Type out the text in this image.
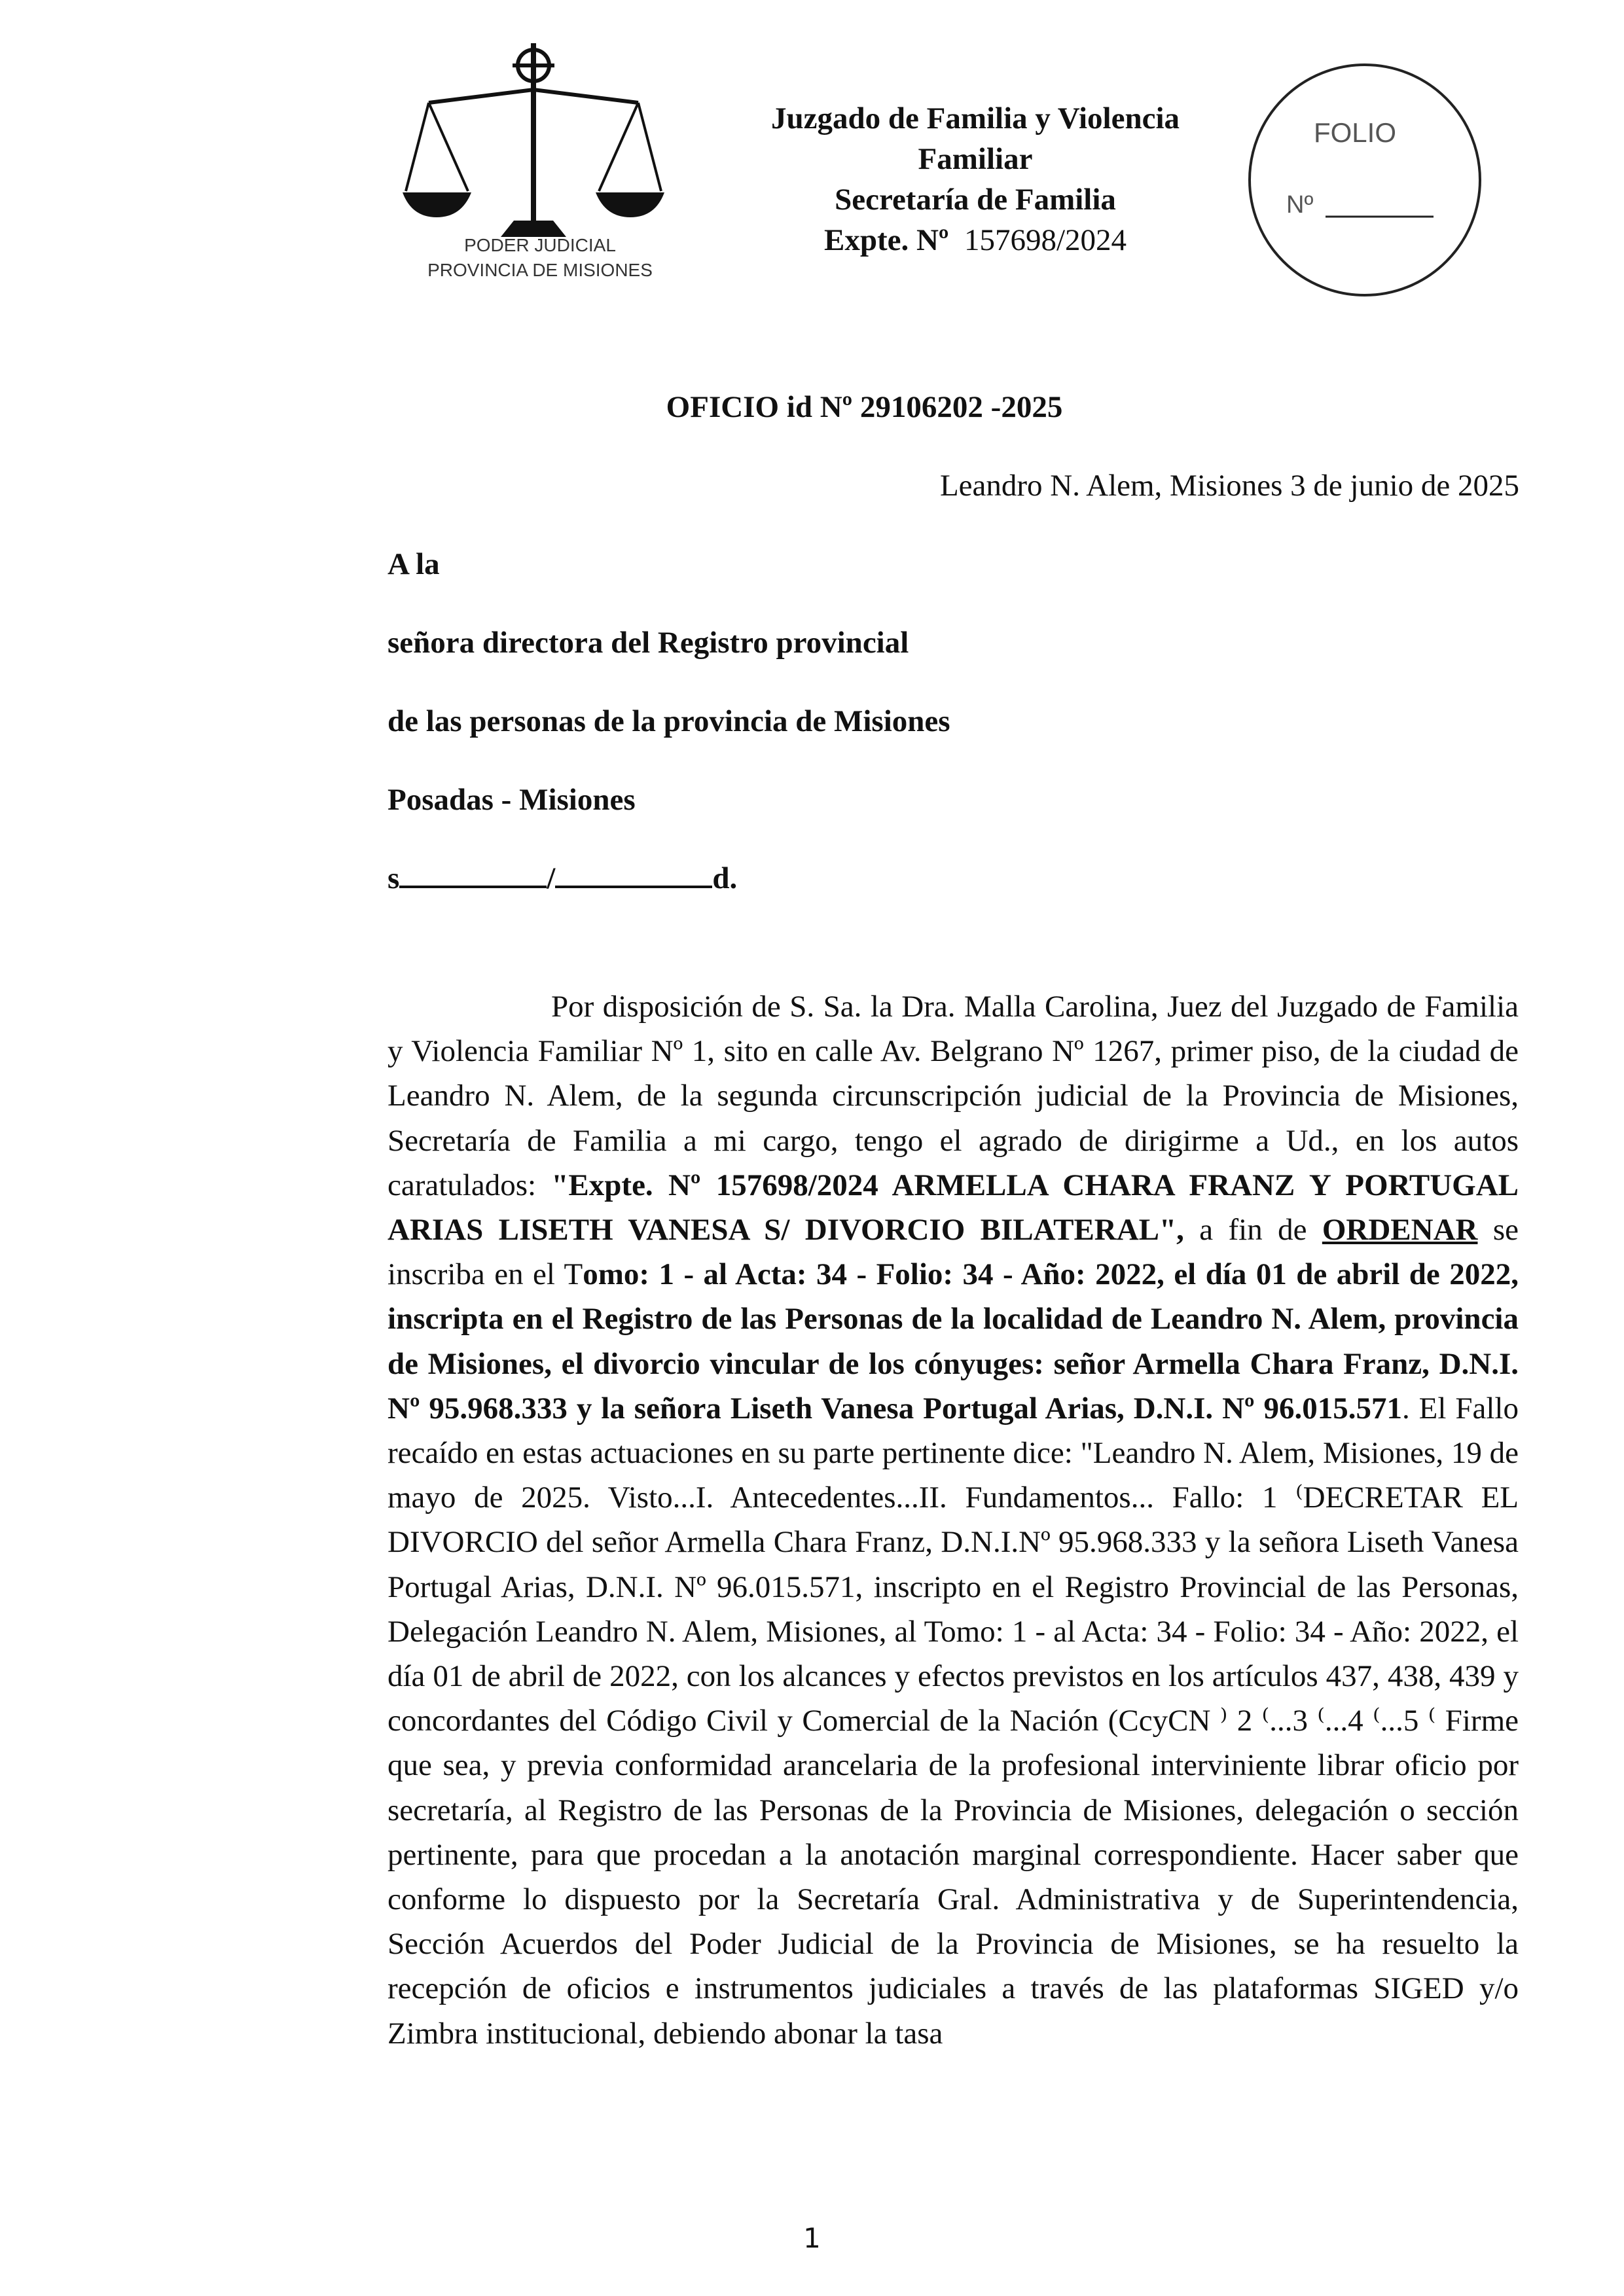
PODER JUDICIAL
PROVINCIA DE MISIONES
Juzgado de Familia y Violencia
Familiar
Secretaría de Familia
Expte. Nº 157698/2024
FOLIO
Nº
OFICIO id Nº 29106202 -2025
Leandro N. Alem, Misiones 3 de junio de 2025
A la
señora directora del Registro provincial
de las personas de la provincia de Misiones
Posadas - Misiones
s	/	d.
Por disposición de S. Sa. la Dra. Malla Carolina, Juez del Juzgado de Familia y Violencia Familiar Nº 1, sito en calle Av. Belgrano Nº 1267, primer piso, de la ciudad de Leandro N. Alem, de la segunda circunscripción judicial de la Provincia de Misiones, Secretaría de Familia a mi cargo, tengo el agrado de dirigirme a Ud., en los autos caratulados: "Expte. Nº 157698/2024 ARMELLA CHARA FRANZ Y PORTUGAL ARIAS LISETH VANESA S/ DIVORCIO BILATERAL", a fin de ORDENAR se inscriba en el Tomo: 1 - al Acta: 34 - Folio: 34 - Año: 2022, el día 01 de abril de 2022, inscripta en el Registro de las Personas de la localidad de Leandro N. Alem, provincia de Misiones, el divorcio vincular de los cónyuges: señor Armella Chara Franz, D.N.I. Nº 95.968.333 y la señora Liseth Vanesa Portugal Arias, D.N.I. Nº 96.015.571. El Fallo recaído en estas actuaciones en su parte pertinente dice: "Leandro N. Alem, Misiones, 19 de mayo de 2025. Visto...I. Antecedentes...II. Fundamentos... Fallo: 1 ⁽DECRETAR EL DIVORCIO del señor Armella Chara Franz, D.N.I.Nº 95.968.333 y la señora Liseth Vanesa Portugal Arias, D.N.I. Nº 96.015.571, inscripto en el Registro Provincial de las Personas, Delegación Leandro N. Alem, Misiones, al Tomo: 1 - al Acta: 34 - Folio: 34 - Año: 2022, el día 01 de abril de 2022, con los alcances y efectos previstos en los artículos 437, 438, 439 y concordantes del Código Civil y Comercial de la Nación (CcyCN ⁾ 2 ⁽...3 ⁽...4 ⁽...5 ⁽ Firme que sea, y previa conformidad arancelaria de la profesional interviniente librar oficio por secretaría, al Registro de las Personas de la Provincia de Misiones, delegación o sección pertinente, para que procedan a la anotación marginal correspondiente. Hacer saber que conforme lo dispuesto por la Secretaría Gral. Administrativa y de Superintendencia, Sección Acuerdos del Poder Judicial de la Provincia de Misiones, se ha resuelto la recepción de oficios e instrumentos judiciales a través de las plataformas SIGED y/o Zimbra institucional, debiendo abonar la tasa
1
